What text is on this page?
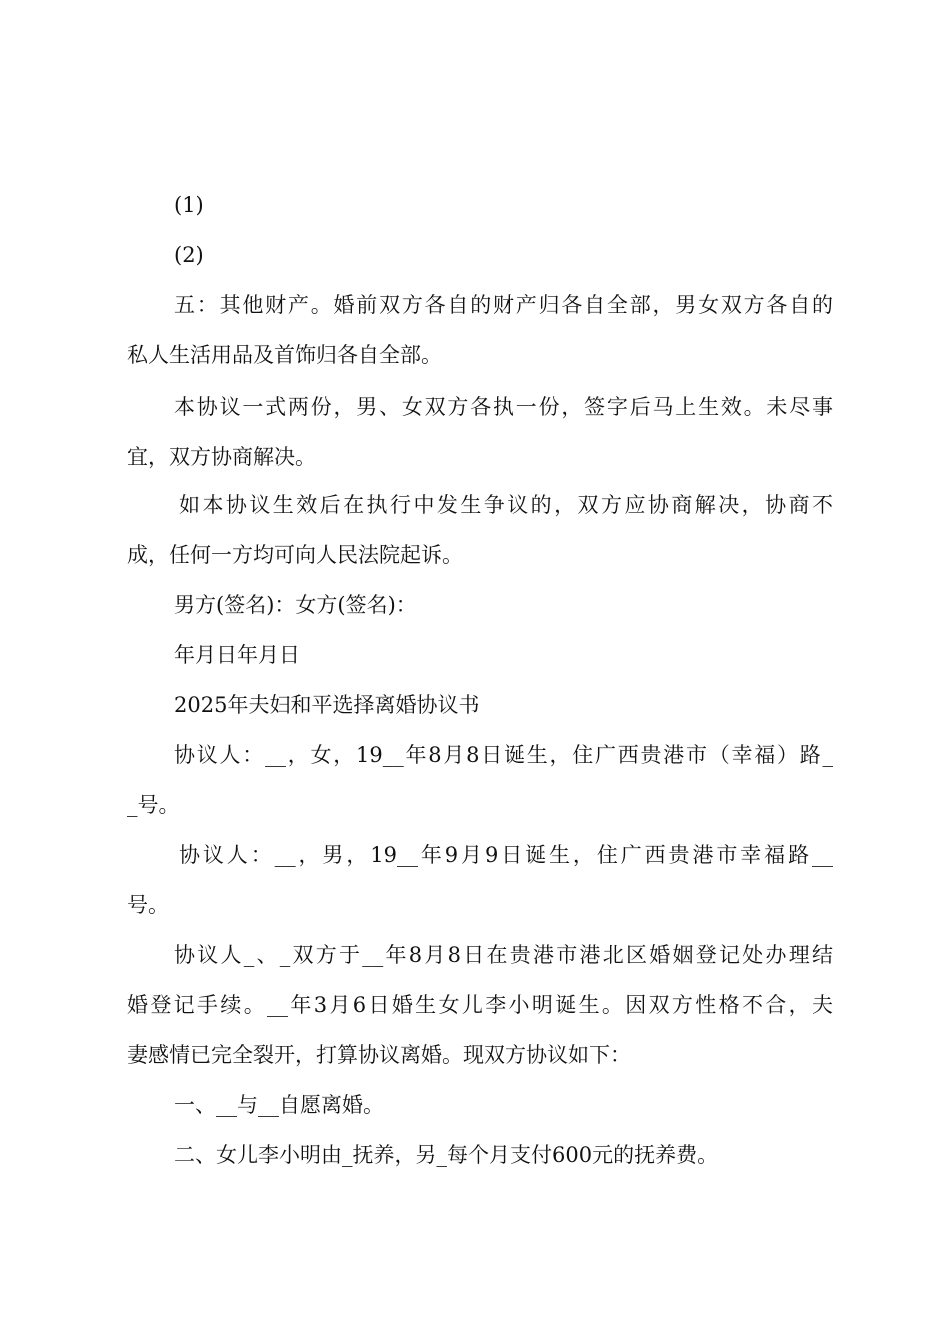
(1)
(2)
五：其他财产。婚前双方各自的财产归各自全部，男女双方各自的
私人生活用品及首饰归各自全部。
本协议一式两份，男、女双方各执一份，签字后马上生效。未尽事
宜，双方协商解决。
如本协议生效后在执行中发生争议的，双方应协商解决，协商不
成，任何一方均可向人民法院起诉。
男方(签名)：女方(签名)：
年月日年月日
2025年夫妇和平选择离婚协议书
协议人：__，女，19__年8月8日诞生，住广西贵港市（幸福）路_
_号。
协议人：__，男，19__年9月9日诞生，住广西贵港市幸福路__
号。
协议人_、_双方于__年8月8日在贵港市港北区婚姻登记处办理结
婚登记手续。__年3月6日婚生女儿李小明诞生。因双方性格不合，夫
妻感情已完全裂开，打算协议离婚。现双方协议如下：
一、__与__自愿离婚。
二、女儿李小明由_抚养，另_每个月支付600元的抚养费。
